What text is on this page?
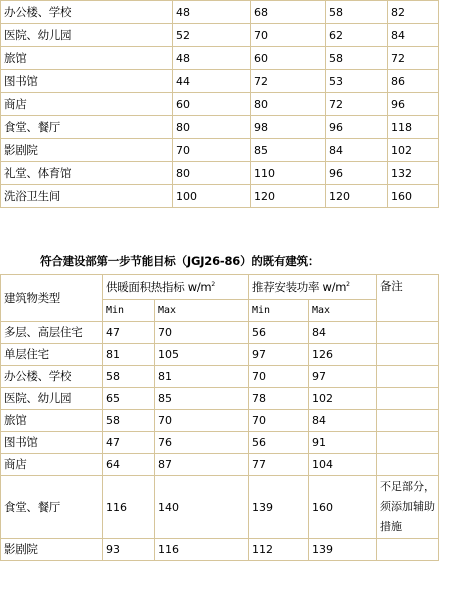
办公楼、学校	48	68	58	82
医院、幼儿园	52	70	62	84
旅馆	48	60	58	72
图书馆	44	72	53	86
商店	60	80	72	96
食堂、餐厅	80	98	96	118
影剧院	70	85	84	102
礼堂、体育馆	80	110	96	132
洗浴卫生间	100	120	120	160
符合建设部第一步节能目标（JGJ26-86）的既有建筑：
建筑物类型	供暖面积热指标 $w/m^2$		推荐安装功率 $w/m^2$		备注
	Min	Max	Min	Max	
多层、高层住宅	47	70	56	84	
单层住宅	81	105	97	126	
办公楼、学校	58	81	70	97	
医院、幼儿园	65	85	78	102	
旅馆	58	70	70	84	
图书馆	47	76	56	91	
商店	64	87	77	104	
食堂、餐厅	116	140	139	160	不足部分，须添加辅助措施
影剧院	93	116	112	139	
